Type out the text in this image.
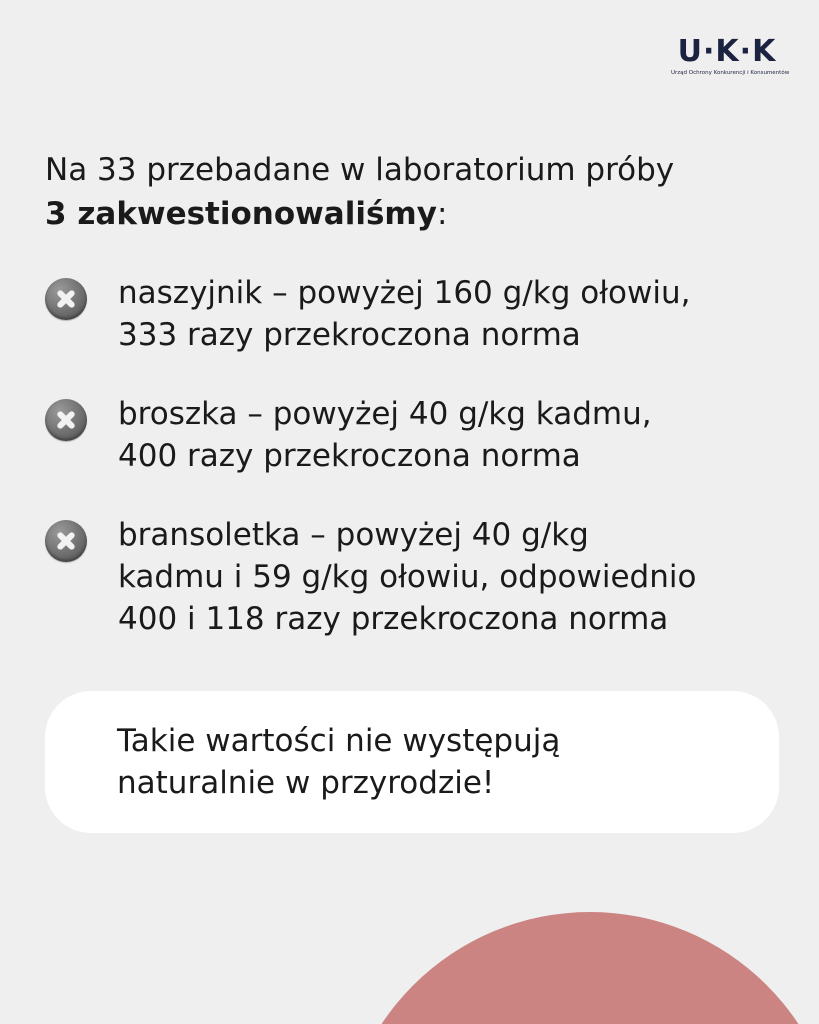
U·K·K
Urząd Ochrony Konkurencji i Konsumentów

Na 33 przebadane w laboratorium próby
3 zakwestionowaliśmy:

naszyjnik – powyżej 160 g/kg ołowiu,
333 razy przekroczona norma

broszka – powyżej 40 g/kg kadmu,
400 razy przekroczona norma

bransoletka – powyżej 40 g/kg
kadmu i 59 g/kg ołowiu, odpowiednio
400 i 118 razy przekroczona norma

Takie wartości nie występują
naturalnie w przyrodzie!
